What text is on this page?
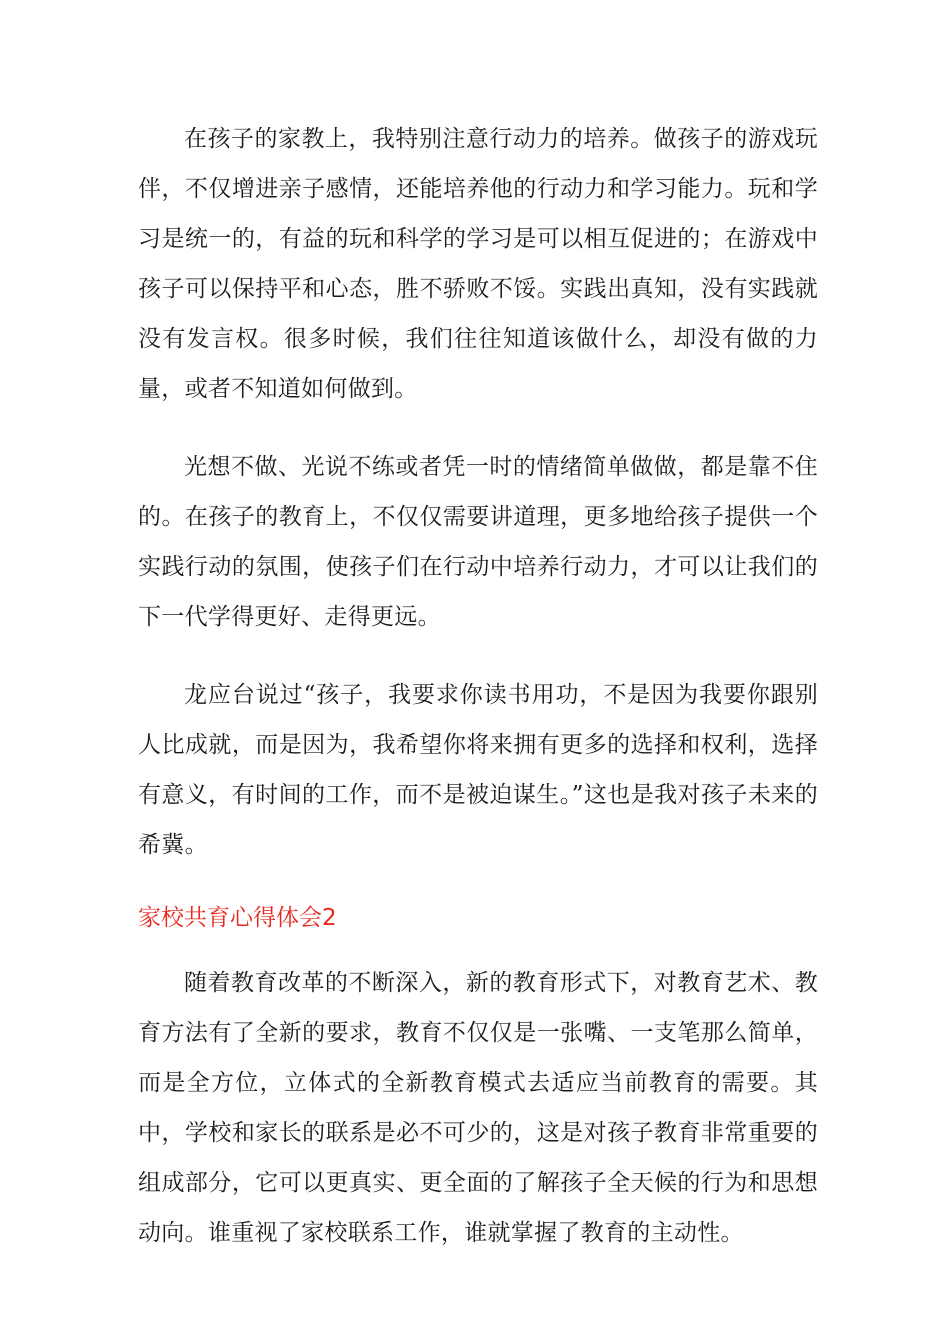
在孩子的家教上，我特别注意行动力的培养。做孩子的游戏玩伴，不仅增进亲子感情，还能培养他的行动力和学习能力。玩和学习是统一的，有益的玩和科学的学习是可以相互促进的；在游戏中孩子可以保持平和心态，胜不骄败不馁。实践出真知，没有实践就没有发言权。很多时候，我们往往知道该做什么，却没有做的力量，或者不知道如何做到。

光想不做、光说不练或者凭一时的情绪简单做做，都是靠不住的。在孩子的教育上，不仅仅需要讲道理，更多地给孩子提供一个实践行动的氛围，使孩子们在行动中培养行动力，才可以让我们的下一代学得更好、走得更远。

龙应台说过“孩子，我要求你读书用功，不是因为我要你跟别人比成就，而是因为，我希望你将来拥有更多的选择和权利，选择有意义，有时间的工作，而不是被迫谋生。”这也是我对孩子未来的希冀。

家校共育心得体会2

随着教育改革的不断深入，新的教育形式下，对教育艺术、教育方法有了全新的要求，教育不仅仅是一张嘴、一支笔那么简单，而是全方位，立体式的全新教育模式去适应当前教育的需要。其中，学校和家长的联系是必不可少的，这是对孩子教育非常重要的组成部分，它可以更真实、更全面的了解孩子全天候的行为和思想动向。谁重视了家校联系工作，谁就掌握了教育的主动性。
